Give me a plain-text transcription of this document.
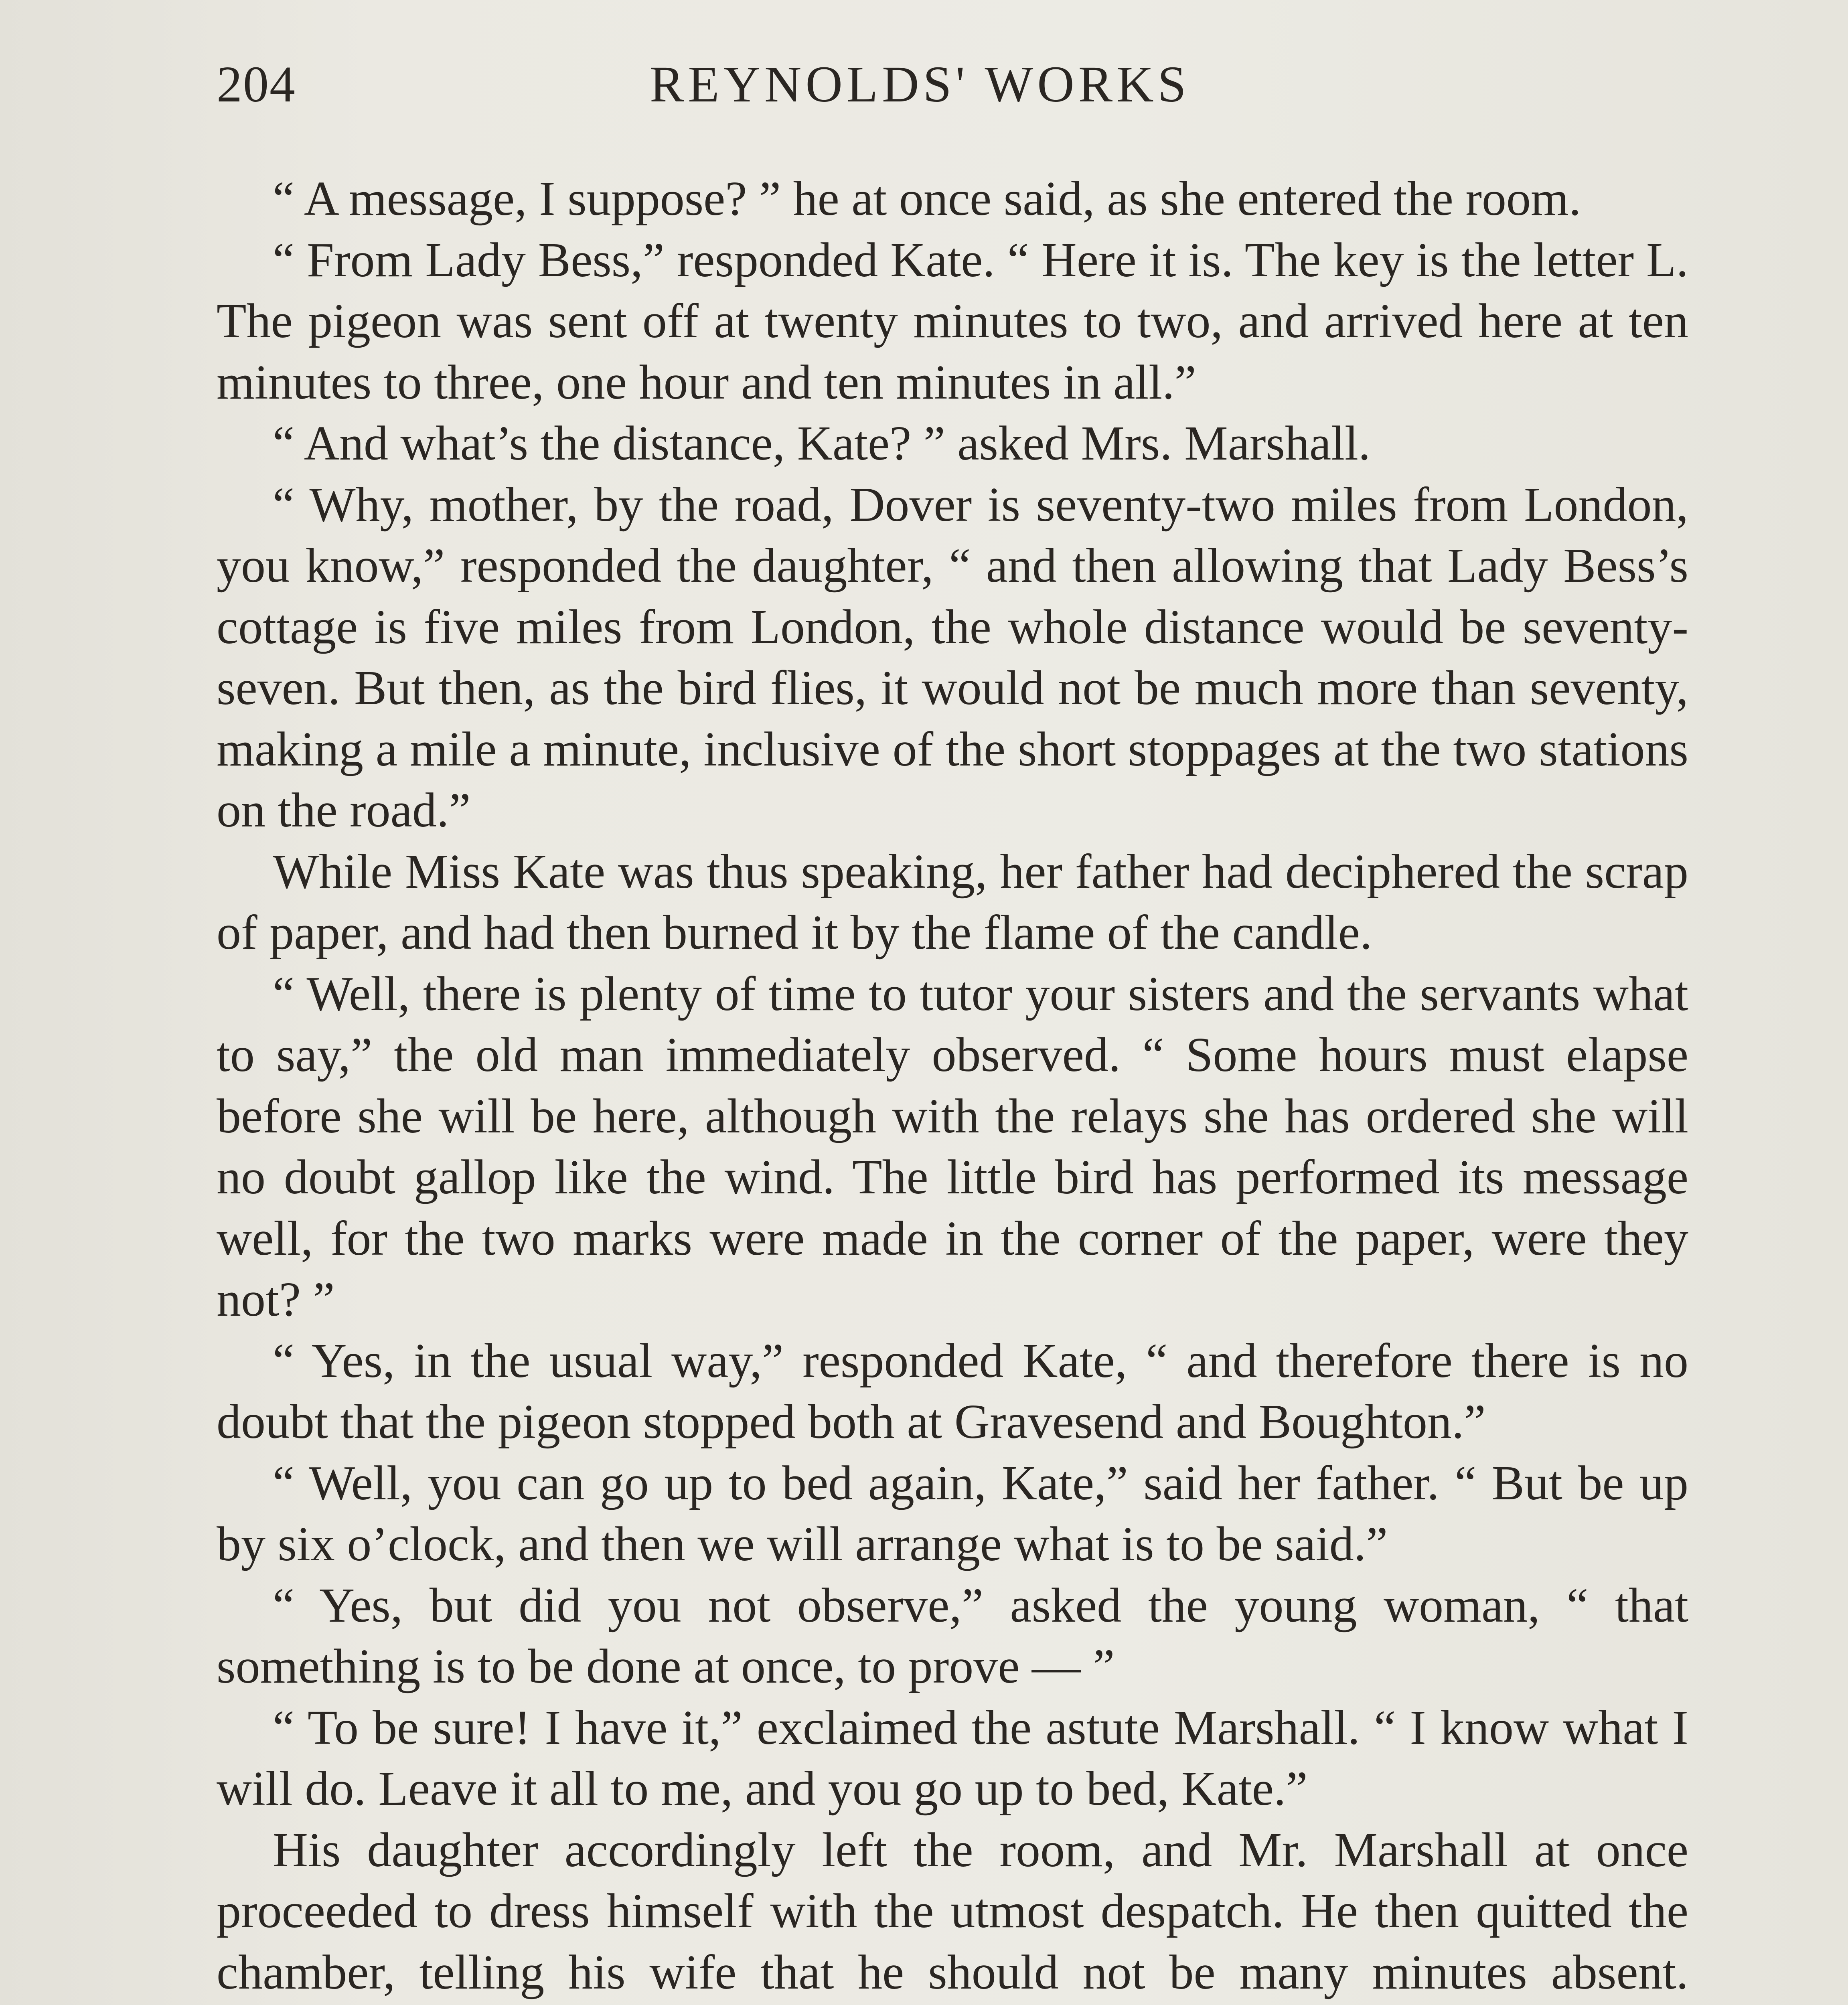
204	REYNOLDS' WORKS

“ A message, I suppose? ” he at once said, as she entered the room.

“ From Lady Bess,” responded Kate. “ Here it is. The key is the letter L. The pigeon was sent off at twenty minutes to two, and arrived here at ten minutes to three, one hour and ten minutes in all.”

“ And what’s the distance, Kate? ” asked Mrs. Marshall.

“ Why, mother, by the road, Dover is seventy-two miles from London, you know,” responded the daughter, “ and then allowing that Lady Bess’s cottage is five miles from London, the whole distance would be seventy-seven. But then, as the bird flies, it would not be much more than seventy, making a mile a minute, inclusive of the short stoppages at the two stations on the road.”

While Miss Kate was thus speaking, her father had deciphered the scrap of paper, and had then burned it by the flame of the candle.

“ Well, there is plenty of time to tutor your sisters and the servants what to say,” the old man immediately observed. “ Some hours must elapse before she will be here, although with the relays she has ordered she will no doubt gallop like the wind. The little bird has performed its message well, for the two marks were made in the corner of the paper, were they not? ”

“ Yes, in the usual way,” responded Kate, “ and therefore there is no doubt that the pigeon stopped both at Gravesend and Boughton.”

“ Well, you can go up to bed again, Kate,” said her father. “ But be up by six o’clock, and then we will arrange what is to be said.”

“ Yes, but did you not observe,” asked the young woman, “ that something is to be done at once, to prove — ”

“ To be sure! I have it,” exclaimed the astute Marshall. “ I know what I will do. Leave it all to me, and you go up to bed, Kate.”

His daughter accordingly left the room, and Mr. Marshall at once proceeded to dress himself with the utmost despatch. He then quitted the chamber, telling his wife that he should not be many minutes absent.
